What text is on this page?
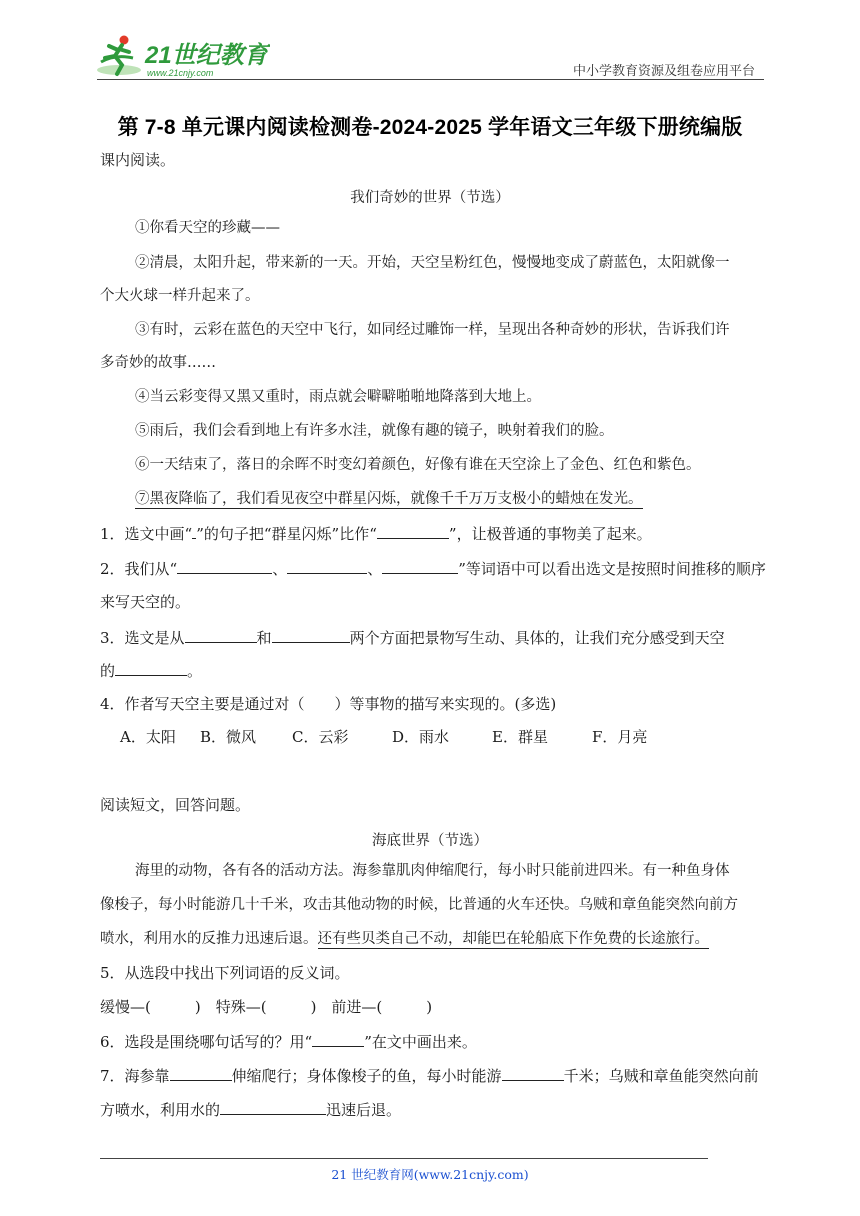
21世纪教育
www.21cnjy.com	中小学教育资源及组卷应用平台
第 7-8 单元课内阅读检测卷-2024-2025 学年语文三年级下册统编版
课内阅读。
我们奇妙的世界（节选）
①你看天空的珍藏——
②清晨，太阳升起，带来新的一天。开始，天空呈粉红色，慢慢地变成了蔚蓝色，太阳就像一
个大火球一样升起来了。
③有时，云彩在蓝色的天空中飞行，如同经过雕饰一样，呈现出各种奇妙的形状，告诉我们许
多奇妙的故事……
④当云彩变得又黑又重时，雨点就会噼噼啪啪地降落到大地上。
⑤雨后，我们会看到地上有许多水洼，就像有趣的镜子，映射着我们的脸。
⑥一天结束了，落日的余晖不时变幻着颜色，好像有谁在天空涂上了金色、红色和紫色。
⑦黑夜降临了，我们看见夜空中群星闪烁，就像千千万万支极小的蜡烛在发光。
1．选文中画“ ”的句子把“群星闪烁”比作“	”，让极普通的事物美了起来。
2．我们从“	、	、	”等词语中可以看出选文是按照时间推移的顺序
来写天空的。
3．选文是从	和	两个方面把景物写生动、具体的，让我们充分感受到天空
的	。
4．作者写天空主要是通过对（　　）等事物的描写来实现的。(多选)
A．太阳 B．微风 C．云彩	D．雨水	E．群星	F．月亮
阅读短文，回答问题。
海底世界（节选）
海里的动物，各有各的活动方法。海参靠肌肉伸缩爬行，每小时只能前进四米。有一种鱼身体
像梭子，每小时能游几十千米，攻击其他动物的时候，比普通的火车还快。乌贼和章鱼能突然向前方
喷水，利用水的反推力迅速后退。还有些贝类自己不动，却能巴在轮船底下作免费的长途旅行。
5．从选段中找出下列词语的反义词。
缓慢—(	)　特殊—(	)　前进—(	)
6．选段是围绕哪句话写的？用“	”在文中画出来。
7．海参靠	伸缩爬行；身体像梭子的鱼，每小时能游	千米；乌贼和章鱼能突然向前
方喷水，利用水的	迅速后退。
21 世纪教育网(www.21cnjy.com)
